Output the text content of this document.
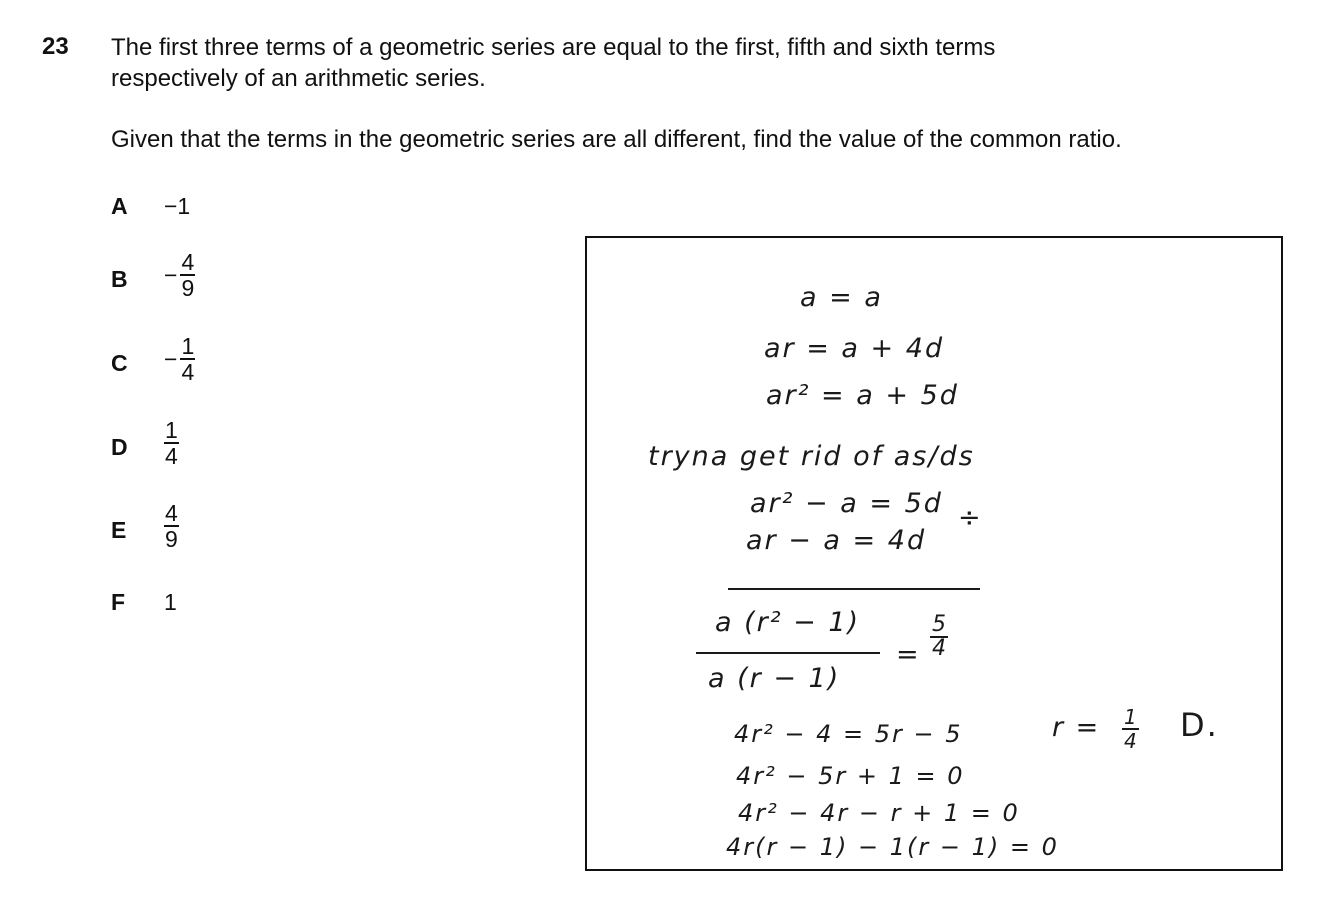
23 The first three terms of a geometric series are equal to the first, fifth and sixth terms
respectively of an arithmetic series.
Given that the terms in the geometric series are all different, find the value of the common ratio.
A −1
$B - \frac{4}{9}$
$C - \frac{1}{4}$
D $\frac{1}{4}$
E $\frac{4}{9}$
F 1
a = a
ar = a + 4d
ar² = a + 5d
tryna get rid of as/ds
ar² − a = 5d
ar − a = 4d
÷
a (r² − 1)
a (r − 1)
= $\frac{5}{4}$
4r² − 4 = 5r − 5
4r² − 5r + 1 = 0
4r² − 4r − r + 1 = 0
4r(r − 1) − 1(r − 1) = 0
$r = \frac{1}{4} D$.
